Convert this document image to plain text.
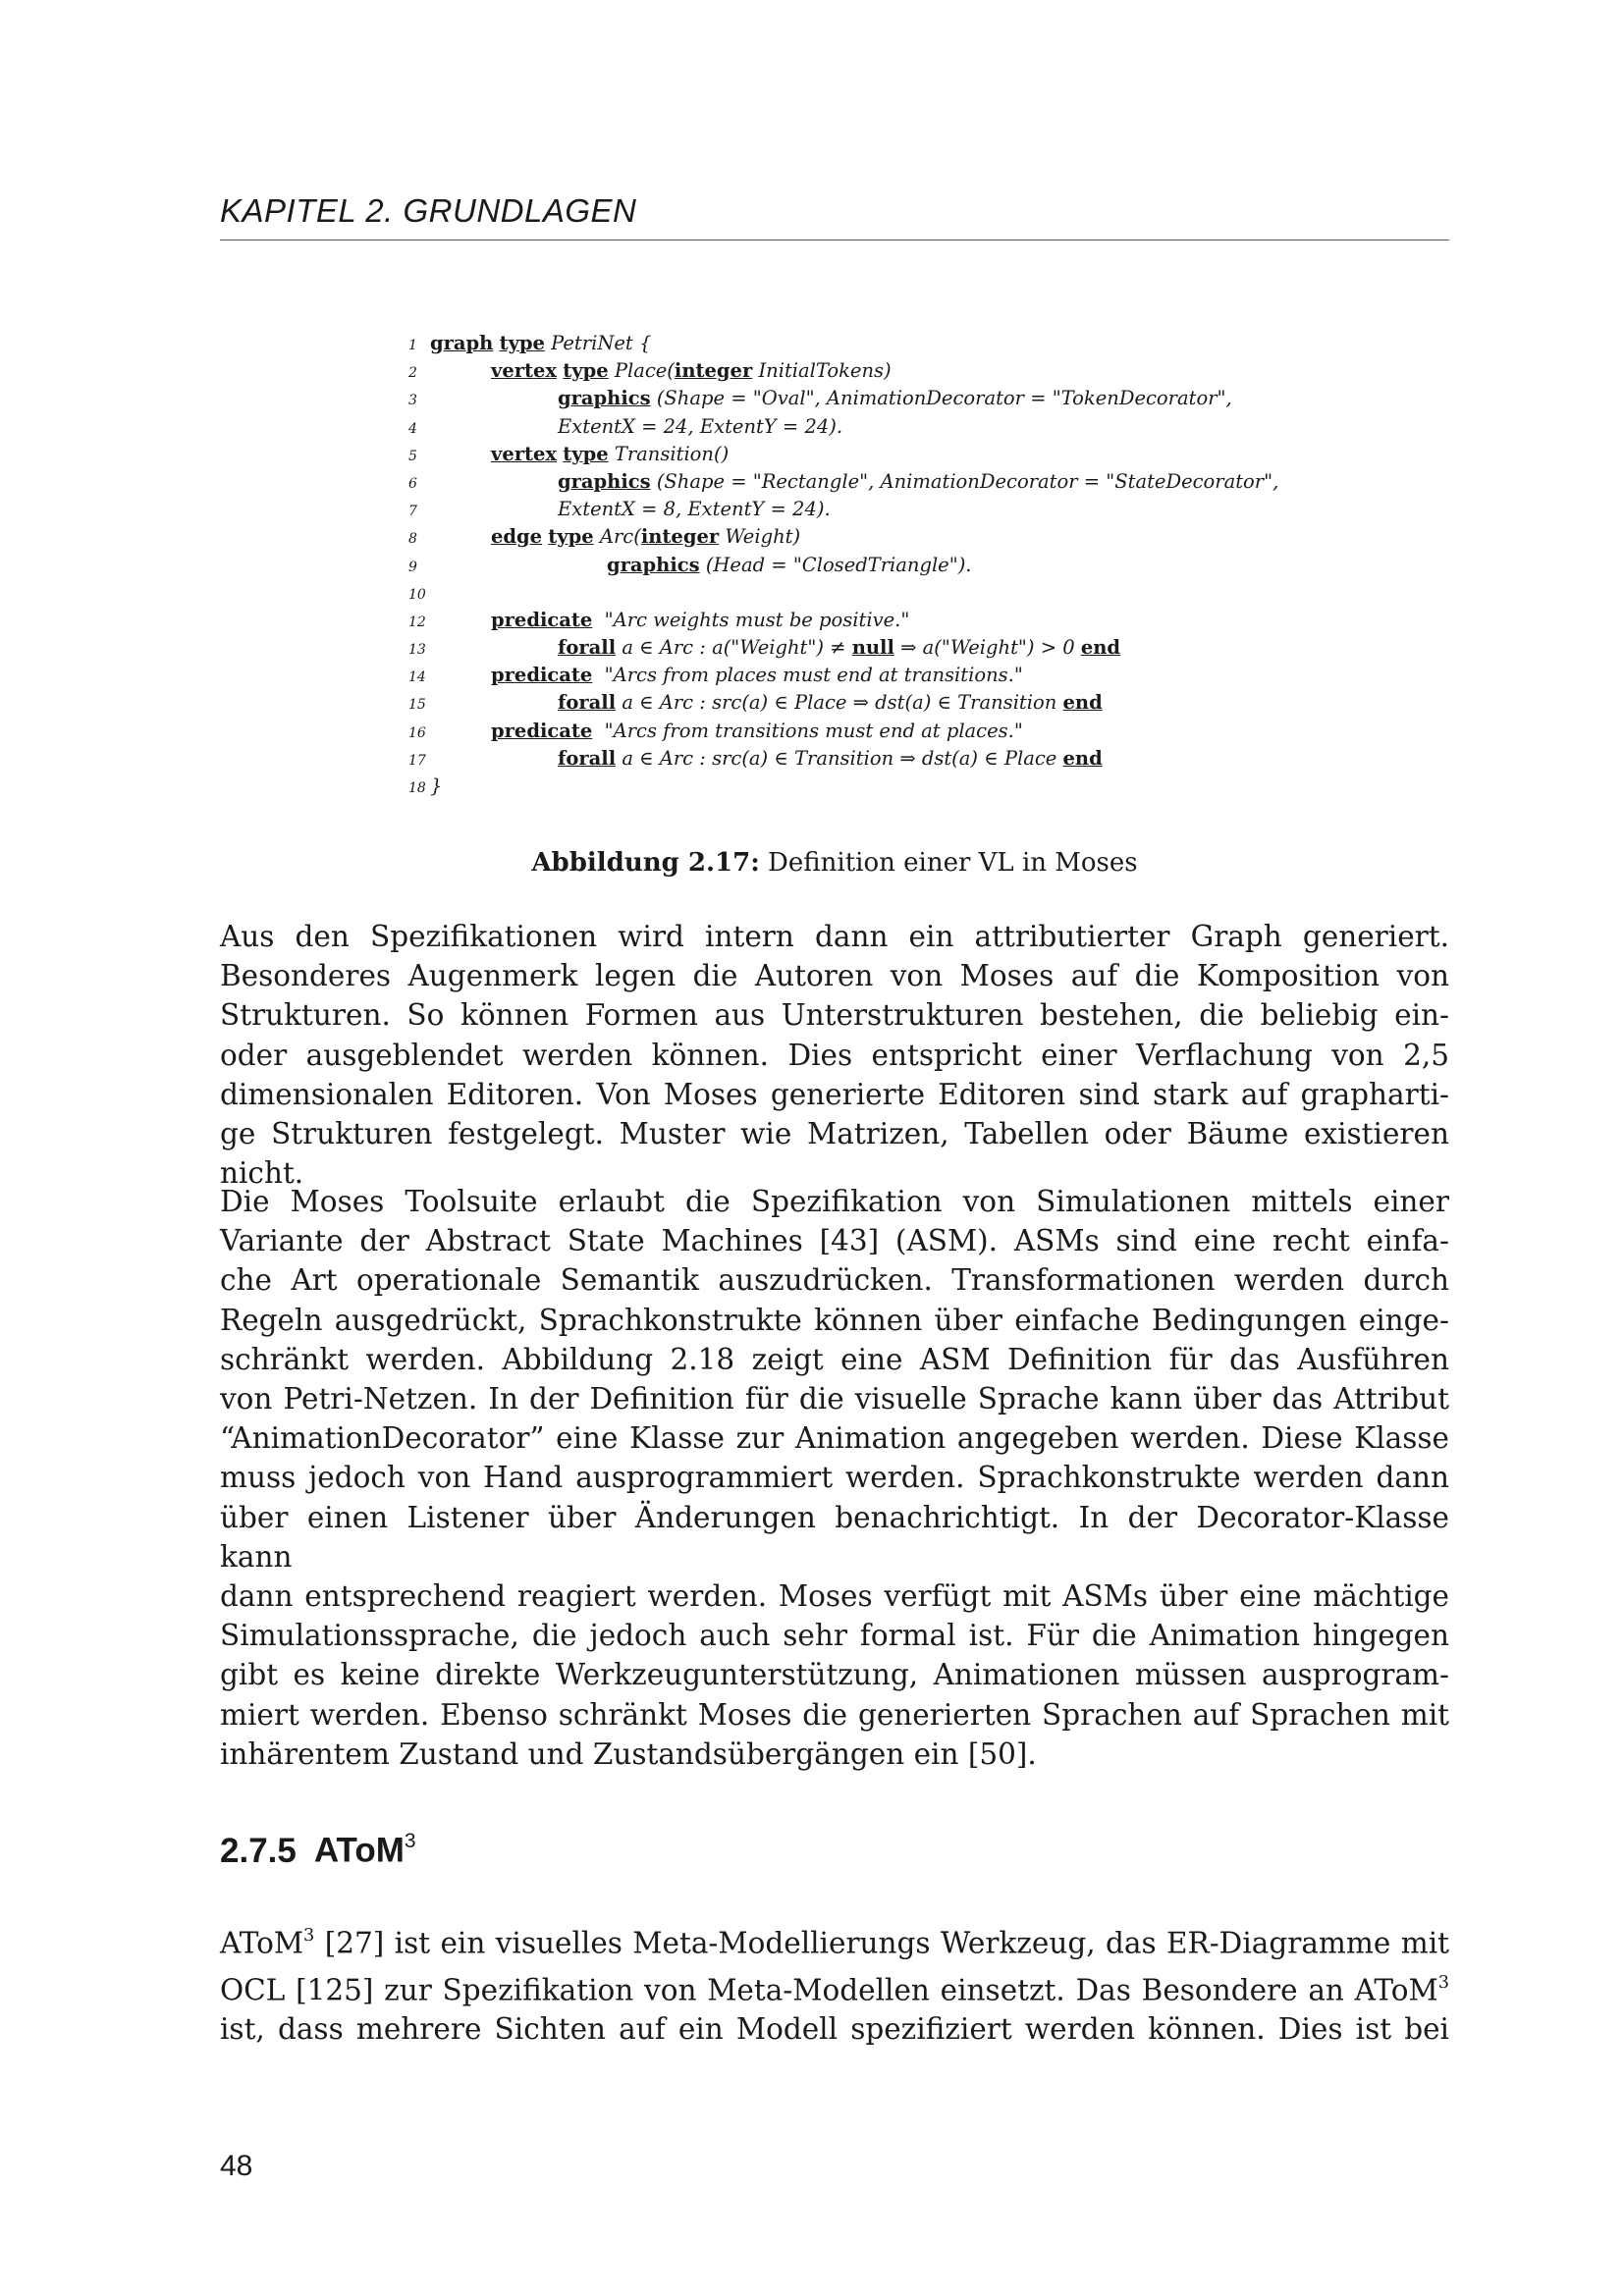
KAPITEL 2. GRUNDLAGEN
1 graph type PetriNet {
2	vertex type Place(integer InitialTokens)
3	graphics (Shape = "Oval", AnimationDecorator = "TokenDecorator",
4	ExtentX = 24, ExtentY = 24).
5	vertex type Transition()
6	graphics (Shape = "Rectangle", AnimationDecorator = "StateDecorator",
7	ExtentX = 8, ExtentY = 24).
8	edge type Arc(integer Weight)
9	graphics (Head = "ClosedTriangle").
10
12	predicate  "Arc weights must be positive."
13	forall a ∈ Arc : a("Weight") ≠ null ⇒ a("Weight") > 0 end
14	predicate  "Arcs from places must end at transitions."
15	forall a ∈ Arc : src(a) ∈ Place ⇒ dst(a) ∈ Transition end
16	predicate  "Arcs from transitions must end at places."
17	forall a ∈ Arc : src(a) ∈ Transition ⇒ dst(a) ∈ Place end
18 }
Abbildung 2.17: Definition einer VL in Moses
Aus den Spezifikationen wird intern dann ein attributierter Graph generiert.
Besonderes Augenmerk legen die Autoren von Moses auf die Komposition von
Strukturen. So können Formen aus Unterstrukturen bestehen, die beliebig ein-
oder ausgeblendet werden können. Dies entspricht einer Verflachung von 2,5
dimensionalen Editoren. Von Moses generierte Editoren sind stark auf grapharti-
ge Strukturen festgelegt. Muster wie Matrizen, Tabellen oder Bäume existieren nicht.
Die Moses Toolsuite erlaubt die Spezifikation von Simulationen mittels einer
Variante der Abstract State Machines [43] (ASM). ASMs sind eine recht einfa-
che Art operationale Semantik auszudrücken. Transformationen werden durch
Regeln ausgedrückt, Sprachkonstrukte können über einfache Bedingungen einge-
schränkt werden. Abbildung 2.18 zeigt eine ASM Definition für das Ausführen
von Petri-Netzen. In der Definition für die visuelle Sprache kann über das Attribut
“AnimationDecorator” eine Klasse zur Animation angegeben werden. Diese Klasse
muss jedoch von Hand ausprogrammiert werden. Sprachkonstrukte werden dann
über einen Listener über Änderungen benachrichtigt. In der Decorator-Klasse kann
dann entsprechend reagiert werden. Moses verfügt mit ASMs über eine mächtige
Simulationssprache, die jedoch auch sehr formal ist. Für die Animation hingegen
gibt es keine direkte Werkzeugunterstützung, Animationen müssen ausprogram-
miert werden. Ebenso schränkt Moses die generierten Sprachen auf Sprachen mit
inhärentem Zustand und Zustandsübergängen ein [50].
2.7.5 AToM$^3$
AToM$^3$ [27] ist ein visuelles Meta-Modellierungs Werkzeug, das ER-Diagramme mit
OCL [125] zur Spezifikation von Meta-Modellen einsetzt. Das Besondere an AToM$^3$
ist, dass mehrere Sichten auf ein Modell spezifiziert werden können. Dies ist bei
48
